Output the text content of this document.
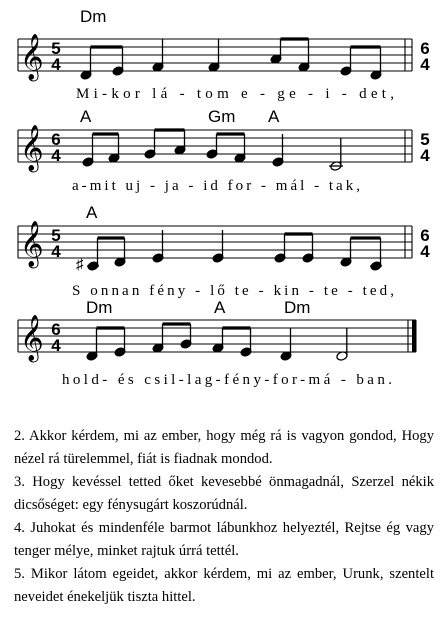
𝄞 5
4
6
4
Dm
Mi-kor lá - tom e - ge - i - det,
𝄞 6
4
5
4
A	Gm A
a-mit uj - ja - id for - mál - tak,
𝄞 5
4
6
4
A
♯
S onnan fény - lő te - kin - te - ted,
𝄞 6
4
Dm	A	Dm
hold- és csil-lag-fény-for-má - ban.

2. Akkor kérdem, mi az ember, hogy még rá is vagyon gondod, Hogy nézel rá türelemmel, fiát is fiadnak mondod.

3. Hogy kevéssel tetted őket kevesebbé önmagadnál, Szerzel nékik dicsőséget: egy fénysugárt koszorúdnál.

4. Juhokat és mindenféle barmot lábunkhoz helyeztél, Rejtse ég vagy tenger mélye, minket rajtuk úrrá tettél.

5. Mikor látom egeidet, akkor kérdem, mi az ember, Urunk, szentelt neveidet énekeljük tiszta hittel.
